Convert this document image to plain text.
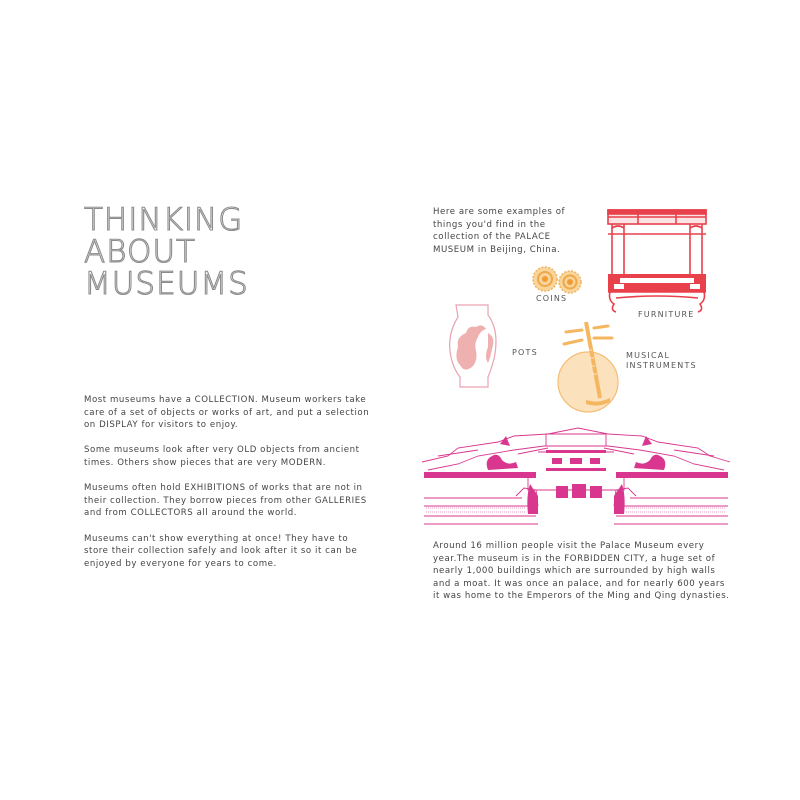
THINKING
ABOUT
MUSEUMS

Most museums have a COLLECTION. Museum workers take care of a set of objects or works of art, and put a selection on DISPLAY for visitors to enjoy.

Some museums look after very OLD objects from ancient times. Others show pieces that are very MODERN.

Museums often hold EXHIBITIONS of works that are not in their collection. They borrow pieces from other GALLERIES and from COLLECTORS all around the world.

Museums can't show everything at once! They have to store their collection safely and look after it so it can be enjoyed by everyone for years to come.

Here are some examples of things you'd find in the collection of the PALACE MUSEUM in Beijing, China.

FURNITURE
COINS
POTS	MUSICAL
INSTRUMENTS

Around 16 million people visit the Palace Museum every year.The museum is in the FORBIDDEN CITY, a huge set of nearly 1,000 buildings which are surrounded by high walls and a moat. It was once an palace, and for nearly 600 years it was home to the Emperors of the Ming and Qing dynasties.
